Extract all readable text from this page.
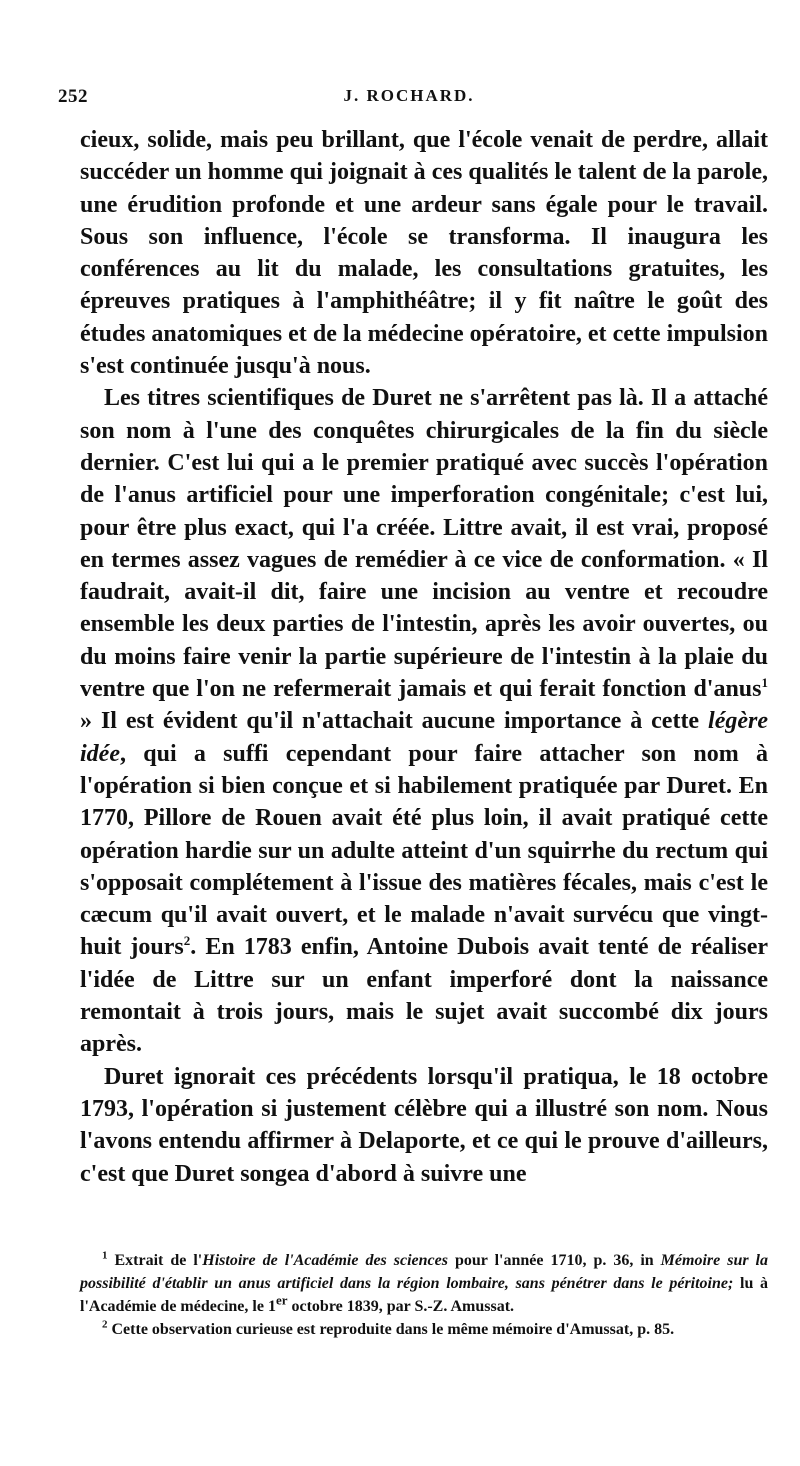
252	J. ROCHARD.

cieux, solide, mais peu brillant, que l'école venait de perdre, allait succéder un homme qui joignait à ces qualités le talent de la parole, une érudition profonde et une ardeur sans égale pour le travail. Sous son influence, l'école se transforma. Il inaugura les conférences au lit du malade, les consultations gratuites, les épreuves pratiques à l'amphithéâtre; il y fit naître le goût des études anatomiques et de la médecine opératoire, et cette impulsion s'est continuée jusqu'à nous.

Les titres scientifiques de Duret ne s'arrêtent pas là. Il a attaché son nom à l'une des conquêtes chirurgicales de la fin du siècle dernier. C'est lui qui a le premier pratiqué avec succès l'opération de l'anus artificiel pour une imperforation congénitale; c'est lui, pour être plus exact, qui l'a créée. Littre avait, il est vrai, proposé en termes assez vagues de remédier à ce vice de conformation. « Il faudrait, avait-il dit, faire une incision au ventre et recoudre ensemble les deux parties de l'intestin, après les avoir ouvertes, ou du moins faire venir la partie supérieure de l'intestin à la plaie du ventre que l'on ne refermerait jamais et qui ferait fonction d'anus$^1$ » Il est évident qu'il n'attachait aucune importance à cette légère idée, qui a suffi cependant pour faire attacher son nom à l'opération si bien conçue et si habilement pratiquée par Duret. En 1770, Pillore de Rouen avait été plus loin, il avait pratiqué cette opération hardie sur un adulte atteint d'un squirrhe du rectum qui s'opposait complétement à l'issue des matières fécales, mais c'est le cæcum qu'il avait ouvert, et le malade n'avait survécu que vingt-huit jours$^2$. En 1783 enfin, Antoine Dubois avait tenté de réaliser l'idée de Littre sur un enfant imperforé dont la naissance remontait à trois jours, mais le sujet avait succombé dix jours après.

Duret ignorait ces précédents lorsqu'il pratiqua, le 18 octobre 1793, l'opération si justement célèbre qui a illustré son nom. Nous l'avons entendu affirmer à Delaporte, et ce qui le prouve d'ailleurs, c'est que Duret songea d'abord à suivre une

$^1$ Extrait de l'Histoire de l'Académie des sciences pour l'année 1710, p. 36, in Mémoire sur la possibilité d'établir un anus artificiel dans la région lombaire, sans pénétrer dans le péritoine; lu à l'Académie de médecine, le 1er octobre 1839, par S.-Z. Amussat.

$^2$ Cette observation curieuse est reproduite dans le même mémoire d'Amussat, p. 85.
